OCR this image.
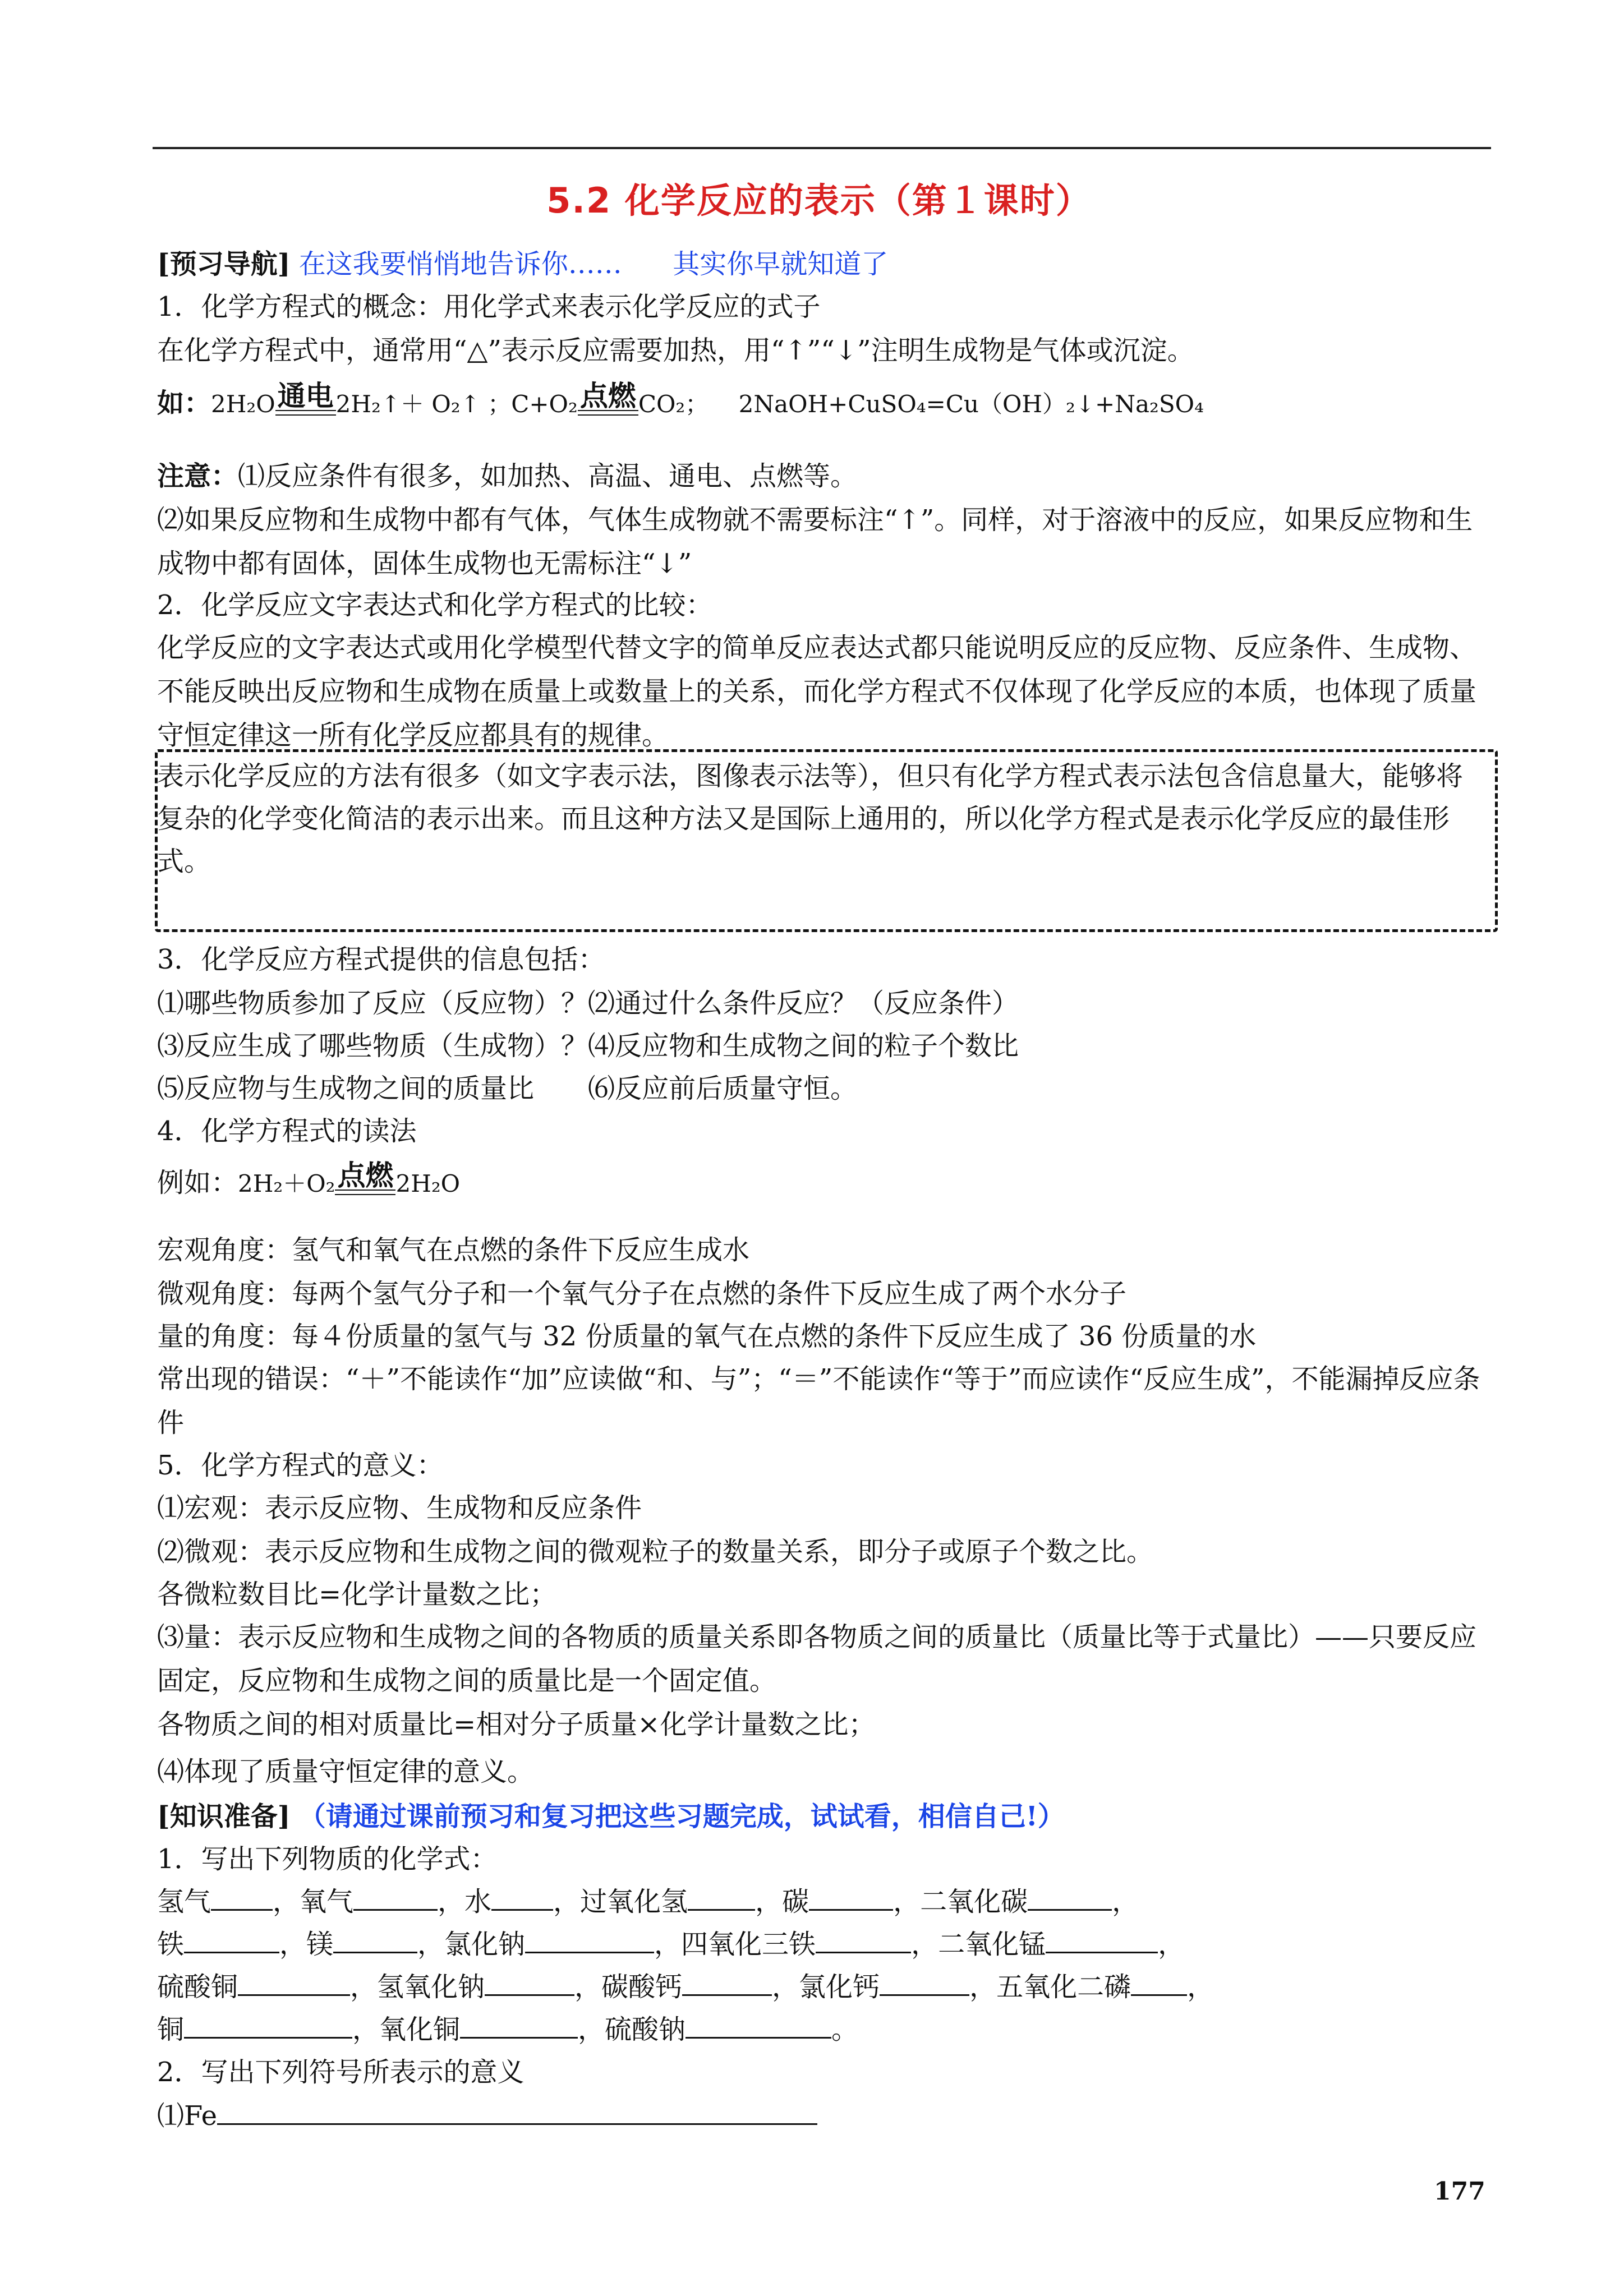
5.2 化学反应的表示（第１课时）
[预习导航] 在这我要悄悄地告诉你…… 其实你早就知道了
1．化学方程式的概念：用化学式来表示化学反应的式子
在化学方程式中，通常用“△”表示反应需要加热，用“↑”“↓”注明生成物是气体或沉淀。
如：2H₂O通电2H₂↑＋ O₂↑ ；C+O₂点燃CO₂； 2NaOH+CuSO₄=Cu（OH）₂↓+Na₂SO₄
注意：⑴反应条件有很多，如加热、高温、通电、点燃等。
⑵如果反应物和生成物中都有气体，气体生成物就不需要标注“↑”。同样，对于溶液中的反应，如果反应物和生成物中都有固体，固体生成物也无需标注“↓”
2．化学反应文字表达式和化学方程式的比较：
化学反应的文字表达式或用化学模型代替文字的简单反应表达式都只能说明反应的反应物、反应条件、生成物、不能反映出反应物和生成物在质量上或数量上的关系，而化学方程式不仅体现了化学反应的本质，也体现了质量守恒定律这一所有化学反应都具有的规律。
表示化学反应的方法有很多（如文字表示法，图像表示法等），但只有化学方程式表示法包含信息量大，能够将复杂的化学变化简洁的表示出来。而且这种方法又是国际上通用的，所以化学方程式是表示化学反应的最佳形式。
3．化学反应方程式提供的信息包括：
⑴哪些物质参加了反应（反应物）？⑵通过什么条件反应？（反应条件）
⑶反应生成了哪些物质（生成物）？⑷反应物和生成物之间的粒子个数比
⑸反应物与生成物之间的质量比　　⑹反应前后质量守恒。
4．化学方程式的读法
例如：2H₂＋O₂点燃2H₂O
宏观角度：氢气和氧气在点燃的条件下反应生成水
微观角度：每两个氢气分子和一个氧气分子在点燃的条件下反应生成了两个水分子
量的角度：每４份质量的氢气与 32 份质量的氧气在点燃的条件下反应生成了 36 份质量的水
常出现的错误：“＋”不能读作“加”应读做“和、与”；“＝”不能读作“等于”而应读作“反应生成”，不能漏掉反应条件
5．化学方程式的意义：
⑴宏观：表示反应物、生成物和反应条件
⑵微观：表示反应物和生成物之间的微观粒子的数量关系，即分子或原子个数之比。
各微粒数目比=化学计量数之比；
⑶量：表示反应物和生成物之间的各物质的质量关系即各物质之间的质量比（质量比等于式量比）——只要反应固定，反应物和生成物之间的质量比是一个固定值。
各物质之间的相对质量比=相对分子质量×化学计量数之比；
⑷体现了质量守恒定律的意义。
[知识准备] （请通过课前预习和复习把这些习题完成，试试看，相信自己!）
1．写出下列物质的化学式：
氢气 ，氧气	，水 ，过氧化氢	，碳	，二氧化碳	，
铁	，镁	，氯化钠	，四氧化三铁	，二氧化锰	，
硫酸铜	，氢氧化钠	，碳酸钙	，氯化钙	，五氧化二磷 ，
铜	，氧化铜	，硫酸钠	。
2．写出下列符号所表示的意义
⑴Fe
177
